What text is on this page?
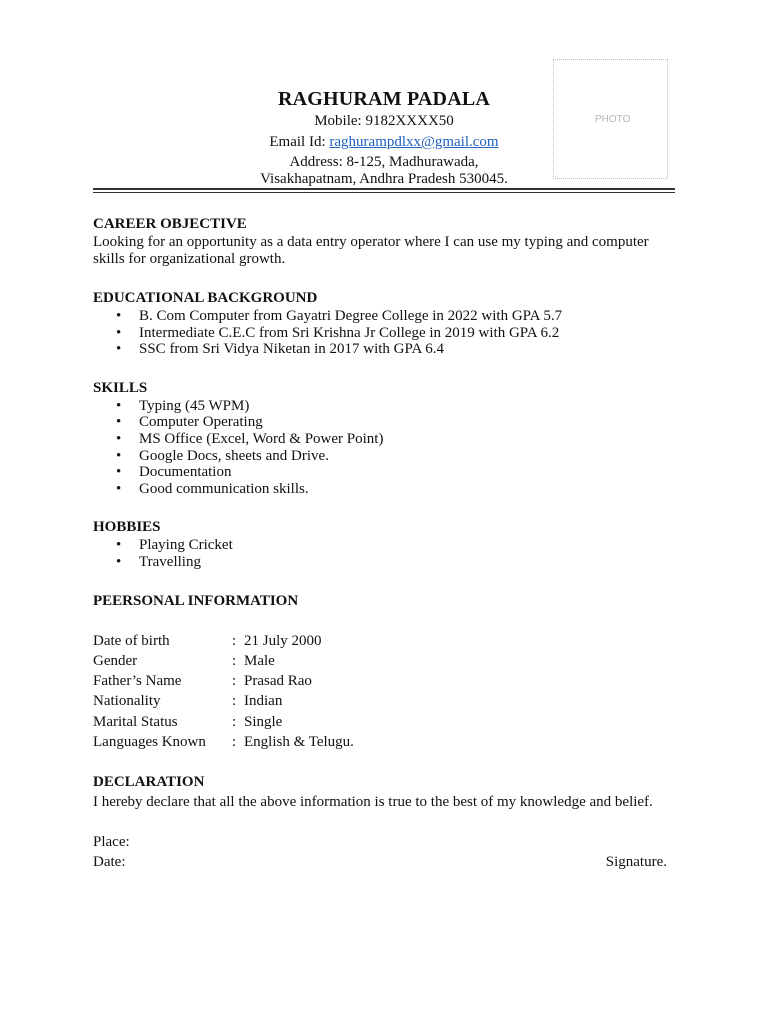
RAGHURAM PADALA
Mobile: 9182XXXX50
Email Id: raghurampdlxx@gmail.com
Address: 8-125, Madhurawada,
Visakhapatnam, Andhra Pradesh 530045.
PHOTO
CAREER OBJECTIVE

Looking for an opportunity as a data entry operator where I can use my typing and computer skills for organizational growth.

EDUCATIONAL BACKGROUND
• B. Com Computer from Gayatri Degree College in 2022 with GPA 5.7
• Intermediate C.E.C from Sri Krishna Jr College in 2019 with GPA 6.2
• SSC from Sri Vidya Niketan in 2017 with GPA 6.4
SKILLS
• Typing (45 WPM)
• Computer Operating
• MS Office (Excel, Word & Power Point)
• Google Docs, sheets and Drive.
• Documentation
• Good communication skills.
HOBBIES
• Playing Cricket
• Travelling
PEERSONAL INFORMATION
Date of birth	:	21 July 2000
Gender	:	Male
Father’s Name	:	Prasad Rao
Nationality	:	Indian
Marital Status	:	Single
Languages Known	:	English & Telugu.
DECLARATION

I hereby declare that all the above information is true to the best of my knowledge and belief.

Place:
Date:	Signature.
